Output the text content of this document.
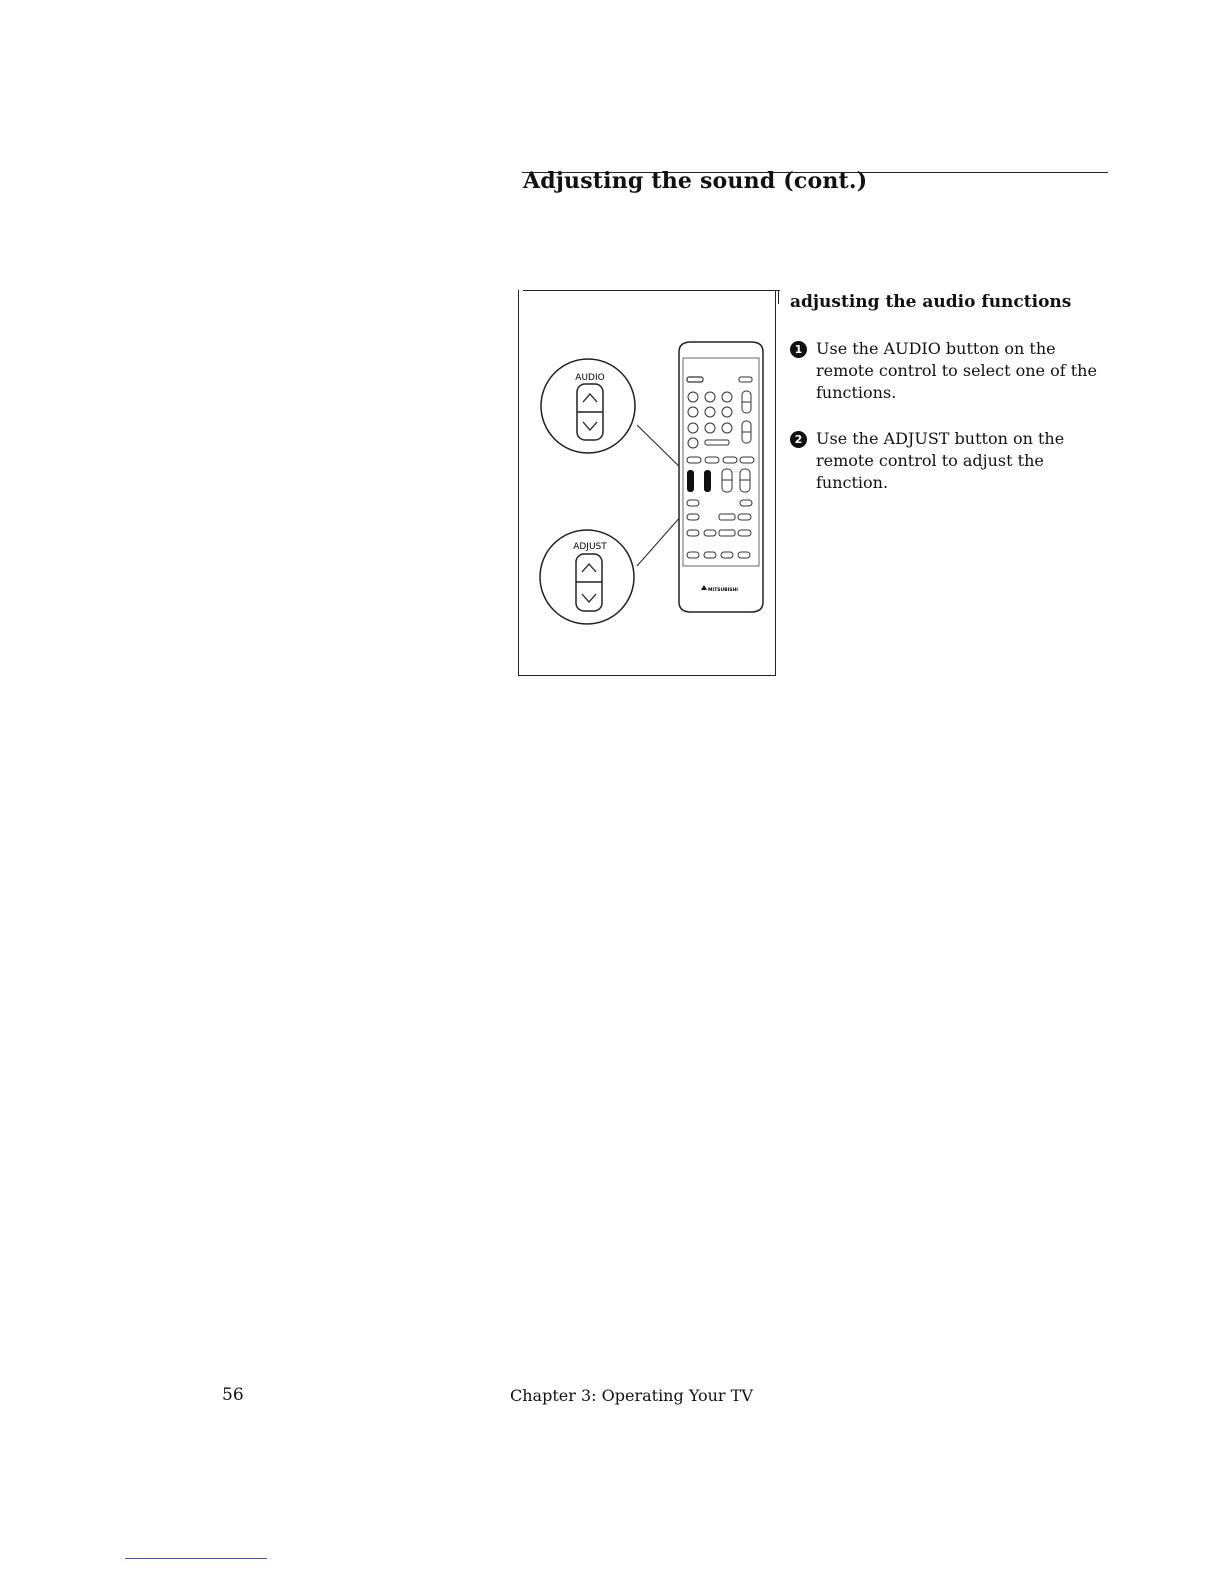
Adjusting the sound (cont.)
AUDIO
ADJUST
MITSUBISHI
adjusting the audio functions
1 Use the AUDIO button on the remote control to select one of the functions.
2 Use the ADJUST button on the remote control to adjust the function.
56	Chapter 3: Operating Your TV
